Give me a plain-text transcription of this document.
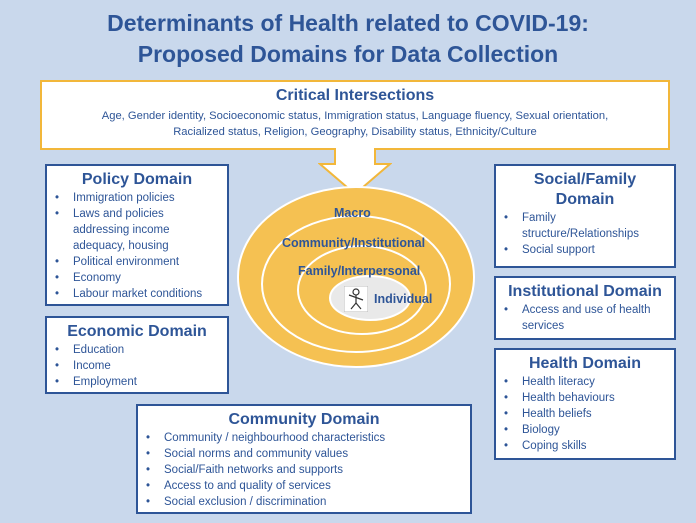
Determinants of Health related to COVID-19:
Proposed Domains for Data Collection
Critical Intersections

Age, Gender identity, Socioeconomic status, Immigration status, Language fluency, Sexual orientation,

Racialized status, Religion, Geography, Disability status, Ethnicity/Culture

Macro
Community/Institutional
Family/Interpersonal
Individual
Policy Domain
• Immigration policies
• Laws and policies
addressing income
adequacy, housing
• Political environment
• Economy
• Labour market conditions
Economic Domain
• Education
• Income
• Employment
Social/Family
Domain
• Family
structure/Relationships
• Social support
Institutional Domain
• Access and use of health
services
Health Domain
• Health literacy
• Health behaviours
• Health beliefs
• Biology
• Coping skills
Community Domain
• Community / neighbourhood characteristics
• Social norms and community values
• Social/Faith networks and supports
• Access to and quality of services
• Social exclusion / discrimination
